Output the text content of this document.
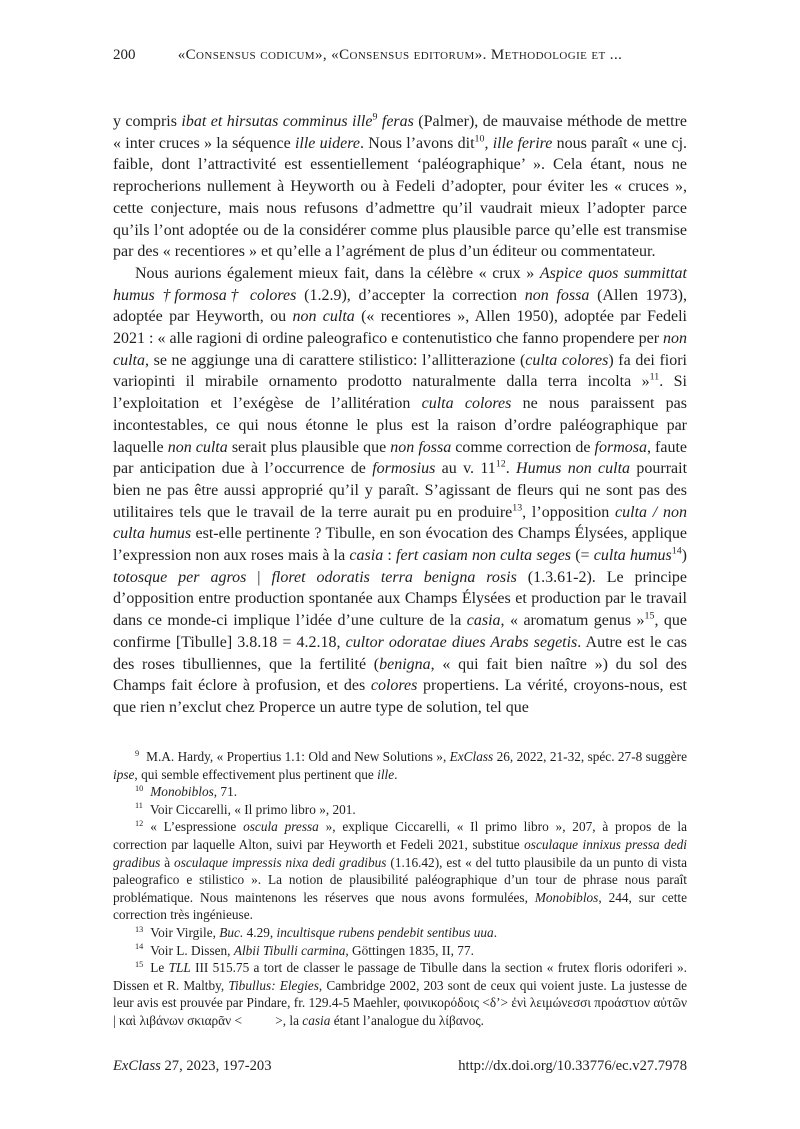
200	«Consensus codicum», «Consensus editorum». Methodologie et ...

y compris ibat et hirsutas comminus ille$^9$ feras (Palmer), de mauvaise méthode de mettre « inter cruces » la séquence ille uidere. Nous l’avons dit$^{10}$, ille ferire nous paraît « une cj. faible, dont l’attractivité est essentiellement ‘paléographique’ ». Cela étant, nous ne reprocherions nullement à Heyworth ou à Fedeli d’adopter, pour éviter les « cruces », cette conjecture, mais nous refusons d’admettre qu’il vaudrait mieux l’adopter parce qu’ils l’ont adoptée ou de la considérer comme plus plausible parce qu’elle est transmise par des « recentiores » et qu’elle a l’agrément de plus d’un éditeur ou commentateur.

Nous aurions également mieux fait, dans la célèbre « crux » Aspice quos summittat humus †formosa† colores (1.2.9), d’accepter la correction non fossa (Allen 1973), adoptée par Heyworth, ou non culta (« recentiores », Allen 1950), adoptée par Fedeli 2021 : « alle ragioni di ordine paleografico e contenutistico che fanno propendere per non culta, se ne aggiunge una di carattere stilistico: l’allitterazione (culta colores) fa dei fiori variopinti il mirabile ornamento prodotto naturalmente dalla terra incolta »$^{11}$. Si l’exploitation et l’exégèse de l’allitération culta colores ne nous paraissent pas incontestables, ce qui nous étonne le plus est la raison d’ordre paléographique par laquelle non culta serait plus plausible que non fossa comme correction de formosa, faute par anticipation due à l’occurrence de formosius au v. $11^{12}$. Humus non culta pourrait bien ne pas être aussi approprié qu’il y paraît. S’agissant de fleurs qui ne sont pas des utilitaires tels que le travail de la terre aurait pu en produire$^{13}$, l’opposition culta / non culta humus est-elle pertinente ? Tibulle, en son évocation des Champs Élysées, applique l’expression non aux roses mais à la casia : fert casiam non culta seges (= culta humus$^{14}$) totosque per agros | floret odoratis terra benigna rosis (1.3.61-2). Le principe d’opposition entre production spontanée aux Champs Élysées et production par le travail dans ce monde-ci implique l’idée d’une culture de la casia, « aromatum genus »$^{15}$, que confirme [Tibulle] 3.8.18 = 4.2.18, cultor odoratae diues Arabs segetis. Autre est le cas des roses tibulliennes, que la fertilité (benigna, « qui fait bien naître ») du sol des Champs fait éclore à profusion, et des colores propertiens. La vérité, croyons-nous, est que rien n’exclut chez Properce un autre type de solution, tel que

$^9$ M.A. Hardy, « Propertius 1.1: Old and New Solutions », ExClass 26, 2022, 21-32, spéc. 27-8 suggère ipse, qui semble effectivement plus pertinent que ille.

$^{10}$ Monobiblos, 71.

$^{11}$ Voir Ciccarelli, « Il primo libro », 201.

$^{12}$ « L’espressione oscula pressa », explique Ciccarelli, « Il primo libro », 207, à propos de la correction par laquelle Alton, suivi par Heyworth et Fedeli 2021, substitue osculaque innixus pressa dedi gradibus à osculaque impressis nixa dedi gradibus (1.16.42), est « del tutto plausibile da un punto di vista paleografico e stilistico ». La notion de plausibilité paléographique d’un tour de phrase nous paraît problématique. Nous maintenons les réserves que nous avons formulées, Monobiblos, 244, sur cette correction très ingénieuse.

$^{13}$ Voir Virgile, Buc. 4.29, incultisque rubens pendebit sentibus uua.

$^{14}$ Voir L. Dissen, Albii Tibulli carmina, Göttingen 1835, II, 77.

$^{15}$ Le TLL III 515.75 a tort de classer le passage de Tibulle dans la section « frutex floris odoriferi ». Dissen et R. Maltby, Tibullus: Elegies, Cambridge 2002, 203 sont de ceux qui voient juste. La justesse de leur avis est prouvée par Pindare, fr. 129.4-5 Maehler, φοινικορόδοις <δ’> ἐνὶ λειμώνεσσι προάστιον αὐτῶν | καὶ λιβάνων σκιαρᾶν <          >, la casia étant l’analogue du λίβανος.

ExClass 27, 2023, 197-203	http://dx.doi.org/10.33776/ec.v27.7978
